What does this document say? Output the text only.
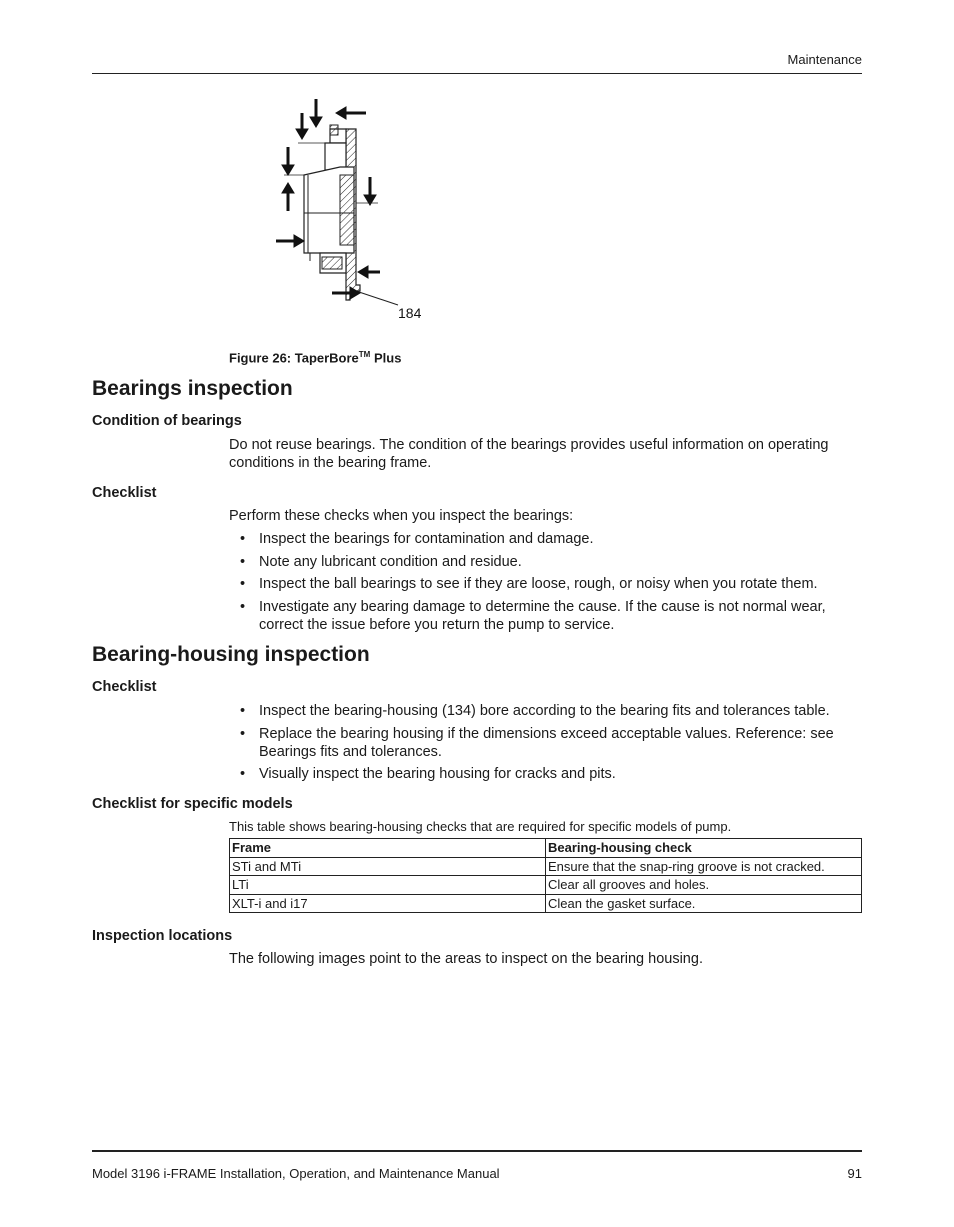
Maintenance
184
Figure 26: TaperBore™ Plus
Bearings inspection
Condition of bearings
Do not reuse bearings. The condition of the bearings provides useful information on operating conditions in the bearing frame.
Checklist
Perform these checks when you inspect the bearings:
• Inspect the bearings for contamination and damage.
• Note any lubricant condition and residue.
• Inspect the ball bearings to see if they are loose, rough, or noisy when you rotate them.
• Investigate any bearing damage to determine the cause. If the cause is not normal wear, correct the issue before you return the pump to service.
Bearing-housing inspection
Checklist
• Inspect the bearing-housing (134) bore according to the bearing fits and tolerances table.
• Replace the bearing housing if the dimensions exceed acceptable values. Reference: see Bearings fits and tolerances.
• Visually inspect the bearing housing for cracks and pits.
Checklist for specific models
This table shows bearing-housing checks that are required for specific models of pump.
Frame	Bearing-housing check
STi and MTi	Ensure that the snap-ring groove is not cracked.
LTi	Clear all grooves and holes.
XLT-i and i17	Clean the gasket surface.
Inspection locations
The following images point to the areas to inspect on the bearing housing.
Model 3196 i-FRAME Installation, Operation, and Maintenance Manual	91
